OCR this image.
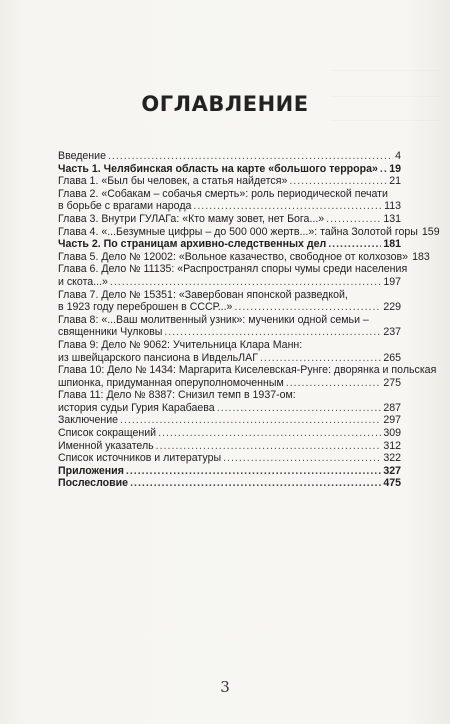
ОГЛАВЛЕНИЕ
Введение .....	4
Часть 1. Челябинская область на карте «большого террора» ..... 19
Глава 1. «Был бы человек, а статья найдется» .....	21
Глава 2. «Собакам – собачья смерть»: роль периодической печати
в борьбе с врагами народа .....	113
Глава 3. Внутри ГУЛАГа: «Кто маму зовет, нет Бога...» .....	131
Глава 4. «...Безумные цифры – до 500 000 жертв...»: тайна Золотой горы 159
Часть 2. По страницам архивно-следственных дел .....	181
Глава 5. Дело № 12002: «Вольное казачество, свободное от колхозов» 183
Глава 6. Дело № 11135: «Распространял споры чумы среди населения
и скота...» .....	197
Глава 7. Дело № 15351: «Завербован японской разведкой,
в 1923 году переброшен в СССР...» .....	229
Глава 8: «...Ваш молитвенный узник»: мученики одной семьи –
священники Чулковы .....	237
Глава 9: Дело № 9062: Учительница Клара Манн:
из швейцарского пансиона в ИвдельЛАГ .....	265
Глава 10: Дело № 1434: Маргарита Киселевская-Рунге: дворянка и польская
шпионка, придуманная оперуполномоченным .....	275
Глава 11: Дело № 8387: Снизил темп в 1937-ом:
история судьи Гурия Карабаева .....	287
Заключение .....	297
Список сокращений .....	309
Именной указатель .....	312
Список источников и литературы .....	322
Приложения .....	327
Послесловие .....	475
3
